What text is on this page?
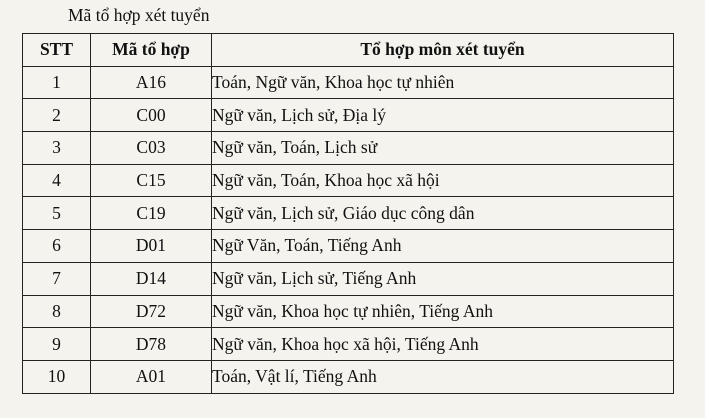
Mã tổ hợp xét tuyển
STT	Mã tổ hợp	Tổ hợp môn xét tuyển
1	A16	Toán, Ngữ văn, Khoa học tự nhiên
2	C00	Ngữ văn, Lịch sử, Địa lý
3	C03	Ngữ văn, Toán, Lịch sử
4	C15	Ngữ văn, Toán, Khoa học xã hội
5	C19	Ngữ văn, Lịch sử, Giáo dục công dân
6	D01	Ngữ Văn, Toán, Tiếng Anh
7	D14	Ngữ văn, Lịch sử, Tiếng Anh
8	D72	Ngữ văn, Khoa học tự nhiên, Tiếng Anh
9	D78	Ngữ văn, Khoa học xã hội, Tiếng Anh
10	A01	Toán, Vật lí, Tiếng Anh
